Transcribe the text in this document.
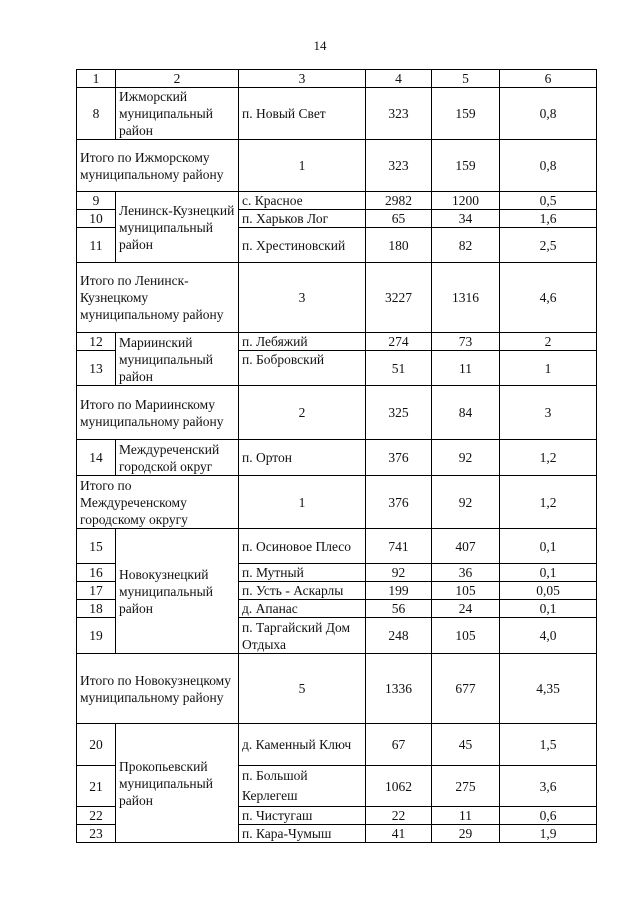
14
1	2	3	4	5	6
8	Ижморский муниципальный район	п. Новый Свет	323	159	0,8
Итого по Ижморскому муниципальному району		1	323	159	0,8
9	Ленинск-Кузнецкий муниципальный район	с. Красное	2982	1200	0,5
10		п. Харьков Лог	65	34	1,6
11		п. Хрестиновский	180	82	2,5
Итого по Ленинск-Кузнецкому муниципальному району		3	3227	1316	4,6
12	Мариинский муниципальный район	п. Лебяжий	274	73	2
13		п. Бобровский	51	11	1
Итого по Мариинскому муниципальному району		2	325	84	3
14	Междуреченский городской округ	п. Ортон	376	92	1,2
Итого по Междуреченскому городскому округу		1	376	92	1,2
15	Новокузнецкий муниципальный район	п. Осиновое Плесо	741	407	0,1
16		п. Мутный	92	36	0,1
17		п. Усть - Аскарлы	199	105	0,05
18		д. Апанас	56	24	0,1
19		п. Таргайский Дом Отдыха	248	105	4,0
Итого по Новокузнецкому муниципальному району		5	1336	677	4,35
20	Прокопьевский муниципальный район	д. Каменный Ключ	67	45	1,5
21		п. Большой Керлегеш	1062	275	3,6
22		п. Чистугаш	22	11	0,6
23		п. Кара-Чумыш	41	29	1,9
